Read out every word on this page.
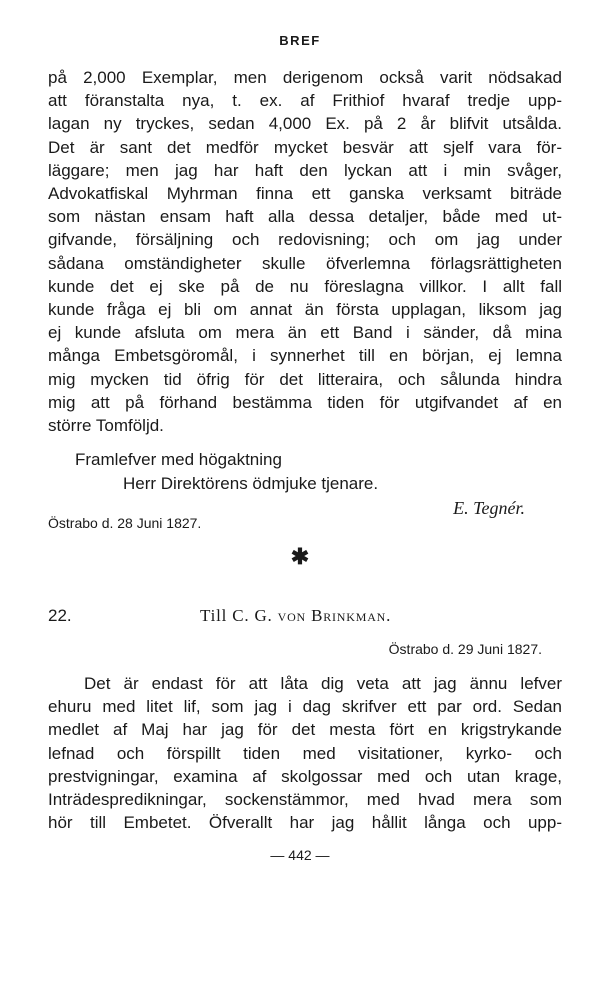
BREF
på 2,000 Exemplar, men derigenom också varit nödsakad
att föranstalta nya, t. ex. af Frithiof hvaraf tredje upp-
lagan ny tryckes, sedan 4,000 Ex. på 2 år blifvit utsålda.
Det är sant det medför mycket besvär att sjelf vara för-
läggare; men jag har haft den lyckan att i min svåger,
Advokatfiskal Myhrman finna ett ganska verksamt biträde
som nästan ensam haft alla dessa detaljer, både med ut-
gifvande, försäljning och redovisning; och om jag under
sådana omständigheter skulle öfverlemna förlagsrättigheten
kunde det ej ske på de nu föreslagna villkor. I allt fall
kunde fråga ej bli om annat än första upplagan, liksom jag
ej kunde afsluta om mera än ett Band i sänder, då mina
många Embetsgöromål, i synnerhet till en början, ej lemna
mig mycken tid öfrig för det litteraira, och sålunda hindra
mig att på förhand bestämma tiden för utgifvandet af en
större Tomföljd.
Framlefver med högaktning
Herr Direktörens ödmjuke tjenare.
E. Tegnér.
Östrabo d. 28 Juni 1827.
✱
22.	Till C. G. von Brinkman.
Östrabo d. 29 Juni 1827.
Det är endast för att låta dig veta att jag ännu lefver
ehuru med litet lif, som jag i dag skrifver ett par ord. Sedan
medlet af Maj har jag för det mesta fört en krigstrykande
lefnad och förspillt tiden med visitationer, kyrko- och
prestvigningar, examina af skolgossar med och utan krage,
Inträdespredikningar, sockenstämmor, med hvad mera som
hör till Embetet. Öfverallt har jag hållit långa och upp-
— 442 —
